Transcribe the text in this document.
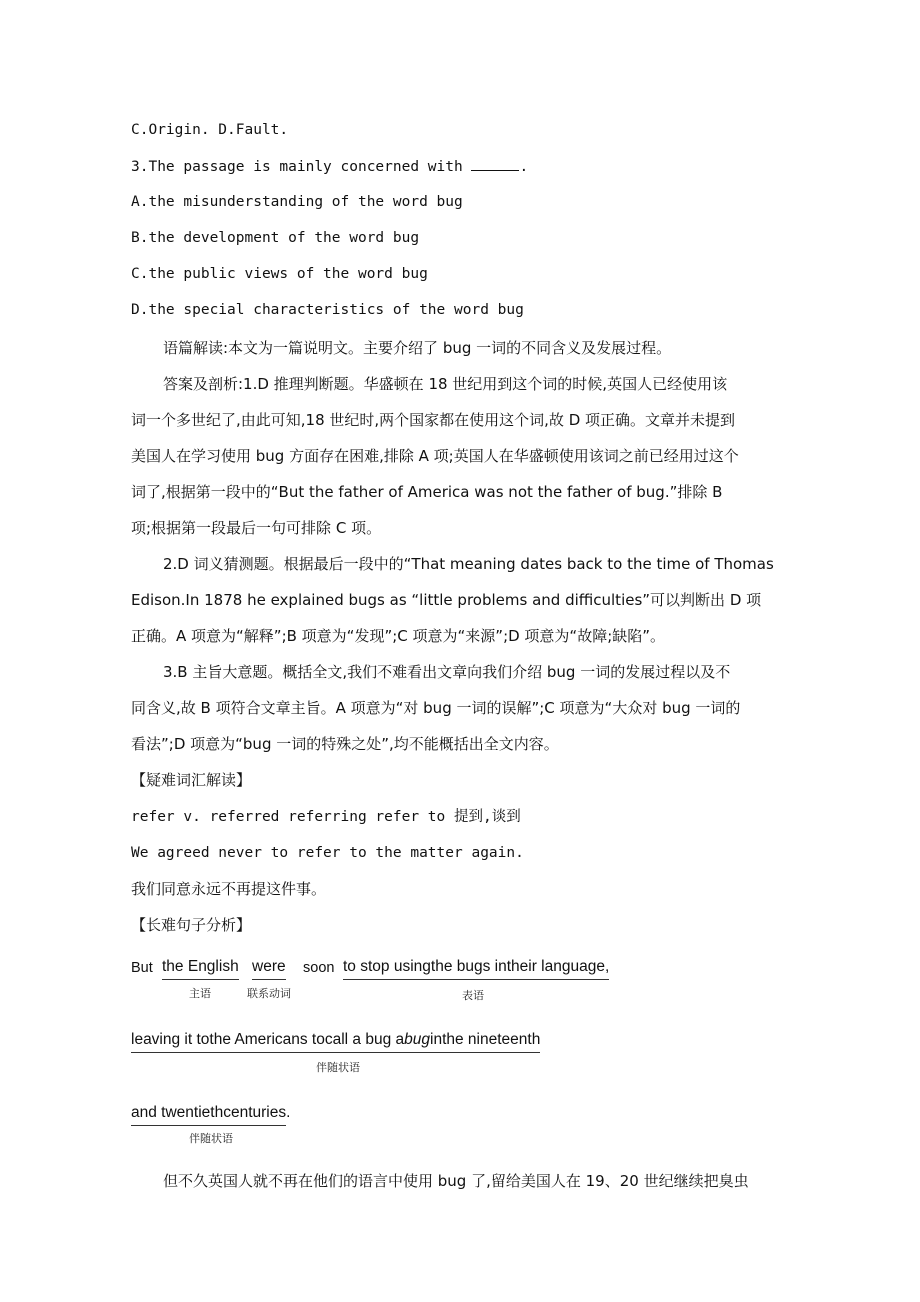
C.Origin. D.Fault.
3.The passage is mainly concerned with	.
A.the misunderstanding of the word bug
B.the development of the word bug
C.the public views of the word bug
D.the special characteristics of the word bug
语篇解读:本文为一篇说明文。主要介绍了 bug 一词的不同含义及发展过程。
答案及剖析:1.D 推理判断题。华盛顿在 18 世纪用到这个词的时候,英国人已经使用该
词一个多世纪了,由此可知,18 世纪时,两个国家都在使用这个词,故 D 项正确。文章并未提到
美国人在学习使用 bug 方面存在困难,排除 A 项;英国人在华盛顿使用该词之前已经用过这个
词了,根据第一段中的“But the father of America was not the father of bug.”排除 B
项;根据第一段最后一句可排除 C 项。
2.D 词义猜测题。根据最后一段中的“That meaning dates back to the time of Thomas
Edison.In 1878 he explained bugs as “little problems and difficulties”可以判断出 D 项
正确。A 项意为“解释”;B 项意为“发现”;C 项意为“来源”;D 项意为“故障;缺陷”。
3.B 主旨大意题。概括全文,我们不难看出文章向我们介绍 bug 一词的发展过程以及不
同含义,故 B 项符合文章主旨。A 项意为“对 bug 一词的误解”;C 项意为“大众对 bug 一词的
看法”;D 项意为“bug 一词的特殊之处”,均不能概括出全文内容。
【疑难词汇解读】
refer v. referred referring refer to 提到,谈到
We agreed never to refer to the matter again.
我们同意永远不再提这件事。
【长难句子分析】
But the English
主语
were
联系动词
soon to stop usingthe bugs intheir language,
表语
leaving it tothe Americans tocall a bug abuginthe nineteenth
伴随状语
and twentiethcenturies.
伴随状语
但不久英国人就不再在他们的语言中使用 bug 了,留给美国人在 19、20 世纪继续把臭虫
